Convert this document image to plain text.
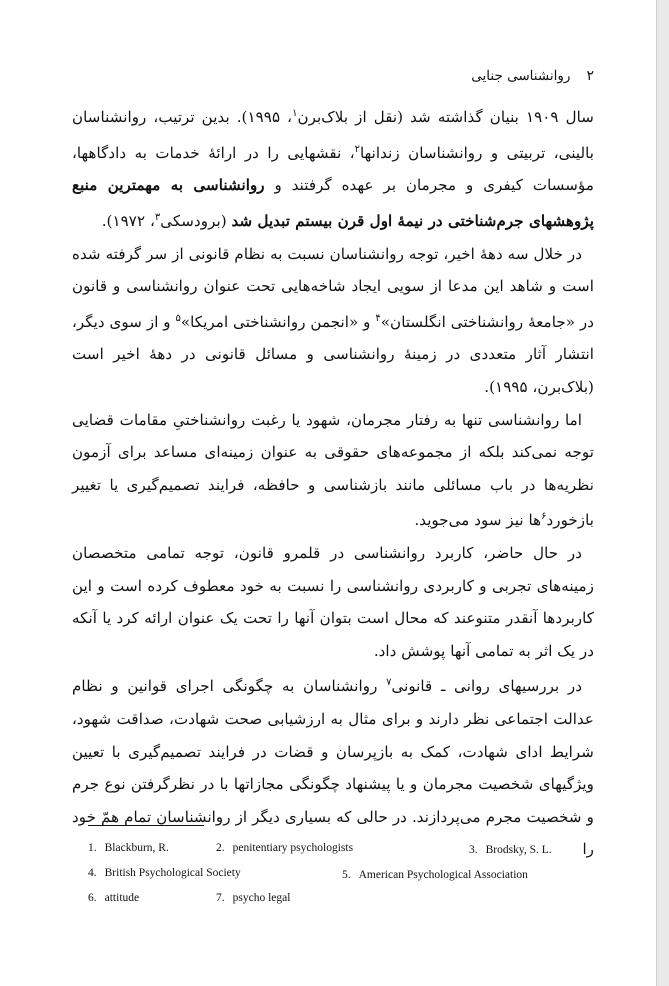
۲
روانشناسی جنایی

سال ۱۹۰۹ بنیان گذاشته شد (نقل از بلاک‌برن$^۱$، ۱۹۹۵). بدین ترتیب، روانشناسان بالینی، تربیتی و روانشناسان زندانها$^۲$، نقشهایی را در ارائهٔ خدمات به دادگاهها، مؤسسات کیفری و مجرمان بر عهده گرفتند و روانشناسی به مهمترین منبع پژوهشهای جرم‌شناختی در نیمهٔ اول قرن بیستم تبدیل شد (برودسکی$^۳$، ۱۹۷۲).

در خلال سه دههٔ اخیر، توجه روانشناسان نسبت به نظام قانونی از سر گرفته شده است و شاهد این مدعا از سویی ایجاد شاخه‌هایی تحت عنوان روانشناسی و قانون در «جامعهٔ روانشناختی انگلستان»$^۴$ و «انجمن روانشناختی امریکا»$^۵$ و از سوی دیگر، انتشار آثار متعددی در زمینهٔ روانشناسی و مسائل قانونی در دههٔ اخیر است (بلاک‌برن، ۱۹۹۵).

اما روانشناسی تنها به رفتار مجرمان، شهود یا رغبت روانشناختیِ مقامات قضایی توجه نمی‌کند بلکه از مجموعه‌های حقوقی به عنوان زمینه‌ای مساعد برای آزمون نظریه‌ها در باب مسائلی مانند بازشناسی و حافظه، فرایند تصمیم‌گیری یا تغییر بازخورد$^۶$ها نیز سود می‌جوید.

در حال حاضر، کاربرد روانشناسی در قلمرو قانون، توجه تمامی متخصصان زمینه‌های تجربی و کاربردی روانشناسی را نسبت به خود معطوف کرده است و این کاربردها آنقدر متنوعند که محال است بتوان آنها را تحت یک عنوان ارائه کرد یا آنکه در یک اثر به تمامی آنها پوشش داد.

در بررسیهای روانی ـ قانونی$^۷$ روانشناسان به چگونگی اجرای قوانین و نظام عدالت اجتماعی نظر دارند و برای مثال به ارزشیابی صحت شهادت، صداقت شهود، شرایط ادای شهادت، کمک به بازپرسان و قضات در فرایند تصمیم‌گیری با تعیین ویژگیهای شخصیت مجرمان و یا پیشنهاد چگونگی مجازاتها با در نظرگرفتن نوع جرم و شخصیت مجرم می‌پردازند. در حالی که بسیاری دیگر از روانشناسان تمام همّ خود را

1. Blackburn, R.	2. penitentiary psychologists	3. Brodsky, S. L.
4. British Psychological Society	5. American Psychological Association
6. attitude	7. psycho legal
